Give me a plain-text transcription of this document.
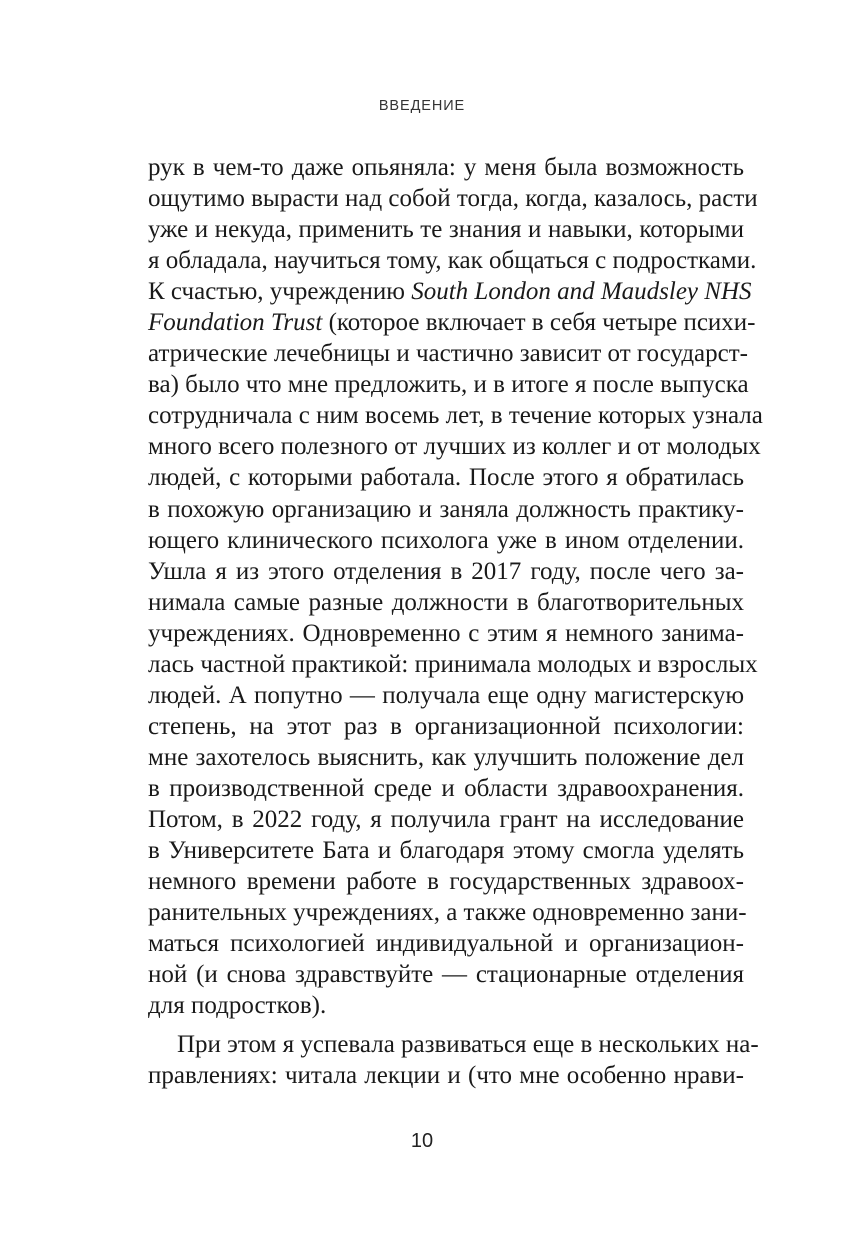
ВВЕДЕНИЕ
рук в чем-то даже опьяняла: у меня была возможность
ощутимо вырасти над собой тогда, когда, казалось, расти
уже и некуда, применить те знания и навыки, которыми
я обладала, научиться тому, как общаться с подростками.
К счастью, учреждению South London and Maudsley NHS
Foundation Trust (которое включает в себя четыре психи-
атрические лечебницы и частично зависит от государст-
ва) было что мне предложить, и в итоге я после выпуска
сотрудничала с ним восемь лет, в течение которых узнала
много всего полезного от лучших из коллег и от молодых
людей, с которыми работала. После этого я обратилась
в похожую организацию и заняла должность практику-
ющего клинического психолога уже в ином отделении.
Ушла я из этого отделения в 2017 году, после чего за-
нимала самые разные должности в благотворительных
учреждениях. Одновременно с этим я немного занима-
лась частной практикой: принимала молодых и взрослых
людей. А попутно — получала еще одну магистерскую
степень, на этот раз в организационной психологии:
мне захотелось выяснить, как улучшить положение дел
в производственной среде и области здравоохранения.
Потом, в 2022 году, я получила грант на исследование
в Университете Бата и благодаря этому смогла уделять
немного времени работе в государственных здравоох-
ранительных учреждениях, а также одновременно зани-
маться психологией индивидуальной и организацион-
ной (и снова здравствуйте — стационарные отделения
для подростков).
При этом я успевала развиваться еще в нескольких на-
правлениях: читала лекции и (что мне особенно нрави-
10
